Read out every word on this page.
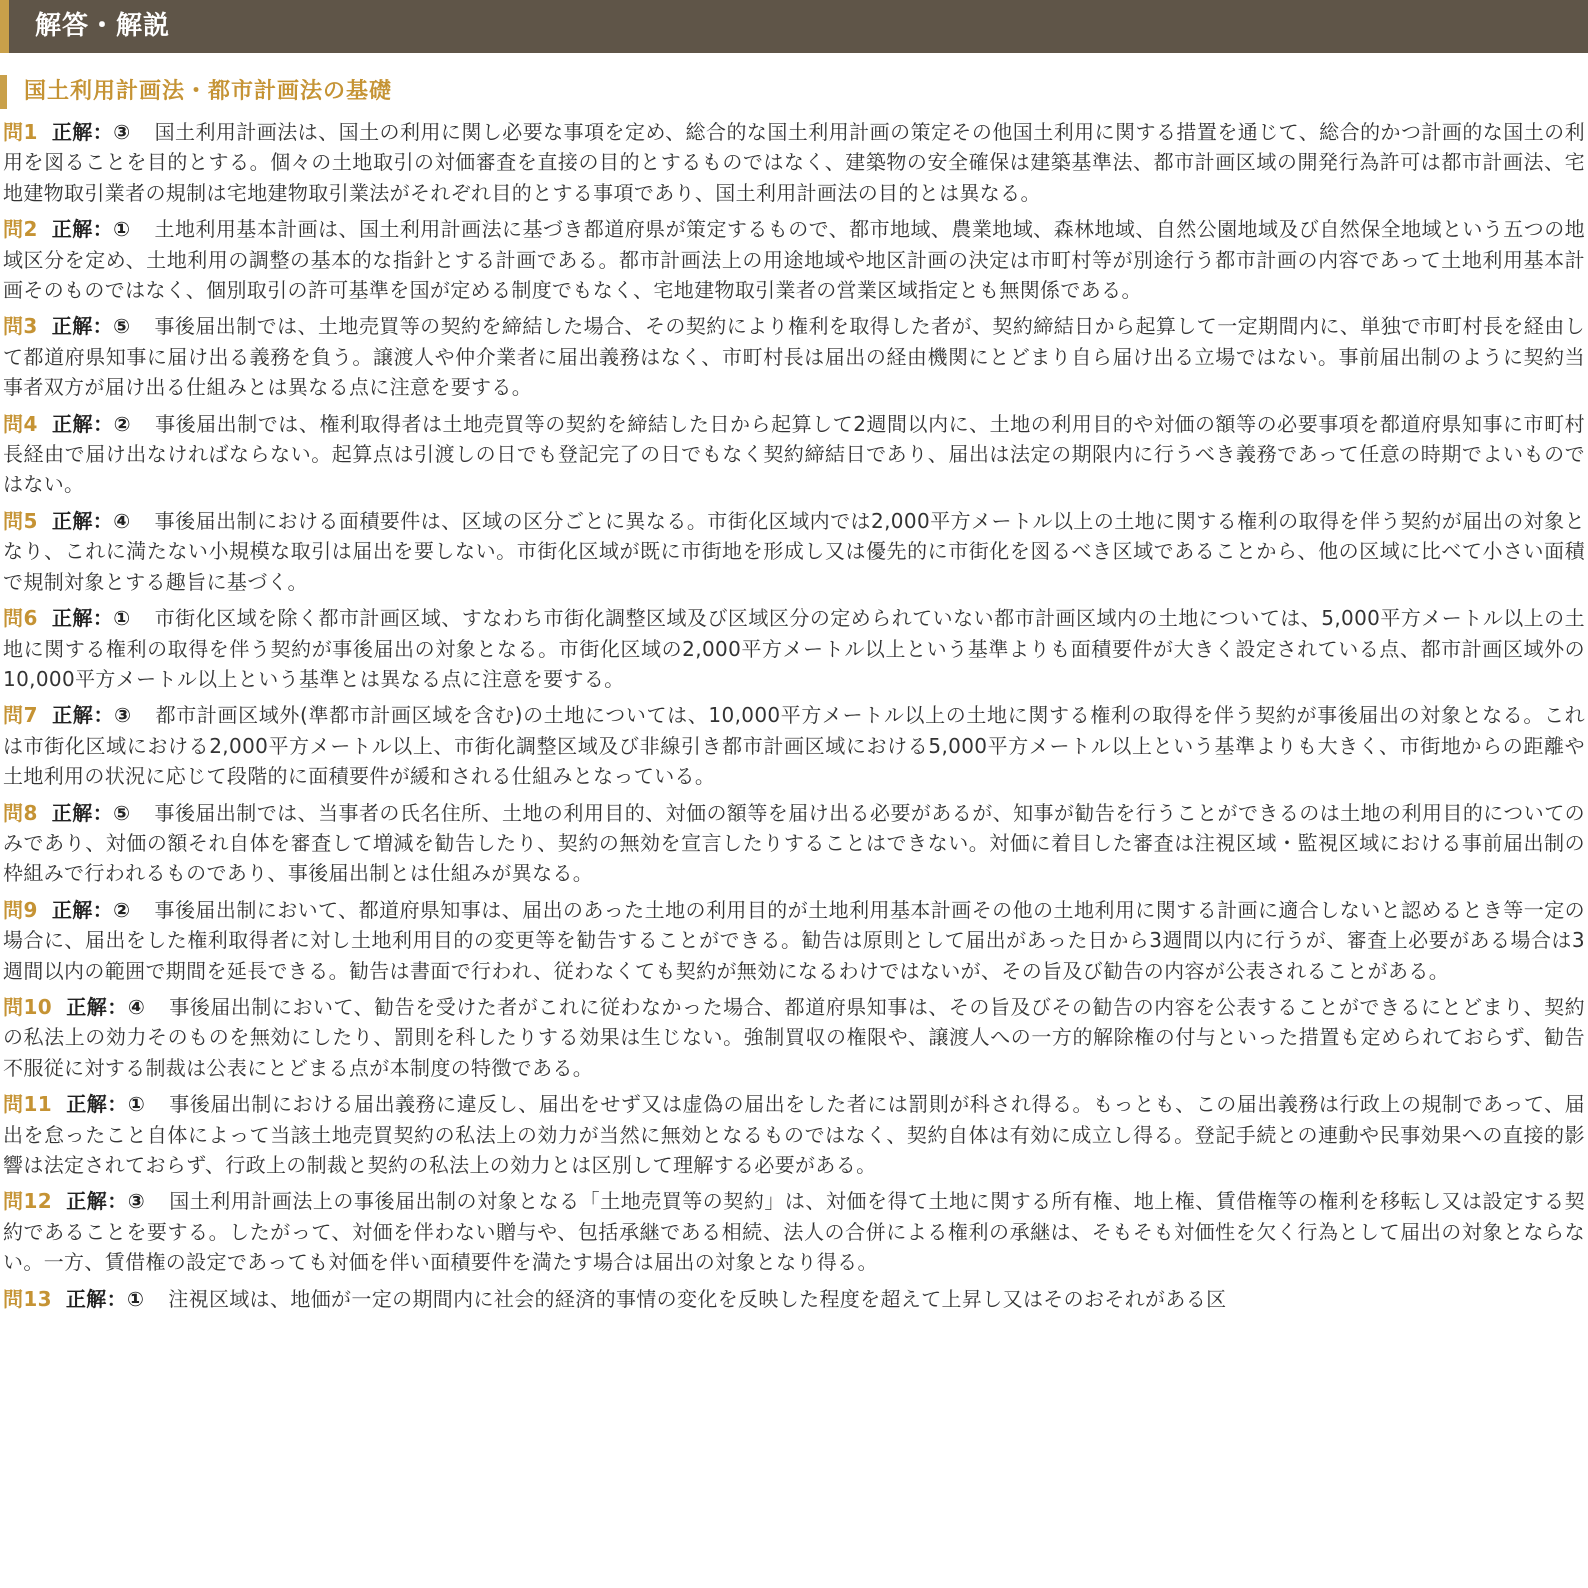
解答・解説
国土利用計画法・都市計画法の基礎

問1 正解：③ 国土利用計画法は、国土の利用に関し必要な事項を定め、総合的な国土利用計画の策定その他国土利用に関する措置を通じて、総合的かつ計画的な国土の利用を図ることを目的とする。個々の土地取引の対価審査を直接の目的とするものではなく、建築物の安全確保は建築基準法、都市計画区域の開発行為許可は都市計画法、宅地建物取引業者の規制は宅地建物取引業法がそれぞれ目的とする事項であり、国土利用計画法の目的とは異なる。

問2 正解：① 土地利用基本計画は、国土利用計画法に基づき都道府県が策定するもので、都市地域、農業地域、森林地域、自然公園地域及び自然保全地域という五つの地域区分を定め、土地利用の調整の基本的な指針とする計画である。都市計画法上の用途地域や地区計画の決定は市町村等が別途行う都市計画の内容であって土地利用基本計画そのものではなく、個別取引の許可基準を国が定める制度でもなく、宅地建物取引業者の営業区域指定とも無関係である。

問3 正解：⑤ 事後届出制では、土地売買等の契約を締結した場合、その契約により権利を取得した者が、契約締結日から起算して一定期間内に、単独で市町村長を経由して都道府県知事に届け出る義務を負う。譲渡人や仲介業者に届出義務はなく、市町村長は届出の経由機関にとどまり自ら届け出る立場ではない。事前届出制のように契約当事者双方が届け出る仕組みとは異なる点に注意を要する。

問4 正解：② 事後届出制では、権利取得者は土地売買等の契約を締結した日から起算して2週間以内に、土地の利用目的や対価の額等の必要事項を都道府県知事に市町村長経由で届け出なければならない。起算点は引渡しの日でも登記完了の日でもなく契約締結日であり、届出は法定の期限内に行うべき義務であって任意の時期でよいものではない。

問5 正解：④ 事後届出制における面積要件は、区域の区分ごとに異なる。市街化区域内では2,000平方メートル以上の土地に関する権利の取得を伴う契約が届出の対象となり、これに満たない小規模な取引は届出を要しない。市街化区域が既に市街地を形成し又は優先的に市街化を図るべき区域であることから、他の区域に比べて小さい面積で規制対象とする趣旨に基づく。

問6 正解：① 市街化区域を除く都市計画区域、すなわち市街化調整区域及び区域区分の定められていない都市計画区域内の土地については、5,000平方メートル以上の土地に関する権利の取得を伴う契約が事後届出の対象となる。市街化区域の2,000平方メートル以上という基準よりも面積要件が大きく設定されている点、都市計画区域外の10,000平方メートル以上という基準とは異なる点に注意を要する。

問7 正解：③ 都市計画区域外(準都市計画区域を含む)の土地については、10,000平方メートル以上の土地に関する権利の取得を伴う契約が事後届出の対象となる。これは市街化区域における2,000平方メートル以上、市街化調整区域及び非線引き都市計画区域における5,000平方メートル以上という基準よりも大きく、市街地からの距離や土地利用の状況に応じて段階的に面積要件が緩和される仕組みとなっている。

問8 正解：⑤ 事後届出制では、当事者の氏名住所、土地の利用目的、対価の額等を届け出る必要があるが、知事が勧告を行うことができるのは土地の利用目的についてのみであり、対価の額それ自体を審査して増減を勧告したり、契約の無効を宣言したりすることはできない。対価に着目した審査は注視区域・監視区域における事前届出制の枠組みで行われるものであり、事後届出制とは仕組みが異なる。

問9 正解：② 事後届出制において、都道府県知事は、届出のあった土地の利用目的が土地利用基本計画その他の土地利用に関する計画に適合しないと認めるとき等一定の場合に、届出をした権利取得者に対し土地利用目的の変更等を勧告することができる。勧告は原則として届出があった日から3週間以内に行うが、審査上必要がある場合は3週間以内の範囲で期間を延長できる。勧告は書面で行われ、従わなくても契約が無効になるわけではないが、その旨及び勧告の内容が公表されることがある。

問10 正解：④ 事後届出制において、勧告を受けた者がこれに従わなかった場合、都道府県知事は、その旨及びその勧告の内容を公表することができるにとどまり、契約の私法上の効力そのものを無効にしたり、罰則を科したりする効果は生じない。強制買収の権限や、譲渡人への一方的解除権の付与といった措置も定められておらず、勧告不服従に対する制裁は公表にとどまる点が本制度の特徴である。

問11 正解：① 事後届出制における届出義務に違反し、届出をせず又は虚偽の届出をした者には罰則が科され得る。もっとも、この届出義務は行政上の規制であって、届出を怠ったこと自体によって当該土地売買契約の私法上の効力が当然に無効となるものではなく、契約自体は有効に成立し得る。登記手続との連動や民事効果への直接的影響は法定されておらず、行政上の制裁と契約の私法上の効力とは区別して理解する必要がある。

問12 正解：③ 国土利用計画法上の事後届出制の対象となる「土地売買等の契約」は、対価を得て土地に関する所有権、地上権、賃借権等の権利を移転し又は設定する契約であることを要する。したがって、対価を伴わない贈与や、包括承継である相続、法人の合併による権利の承継は、そもそも対価性を欠く行為として届出の対象とならない。一方、賃借権の設定であっても対価を伴い面積要件を満たす場合は届出の対象となり得る。

問13 正解：① 注視区域は、地価が一定の期間内に社会的経済的事情の変化を反映した程度を超えて上昇し又はそのおそれがある区
